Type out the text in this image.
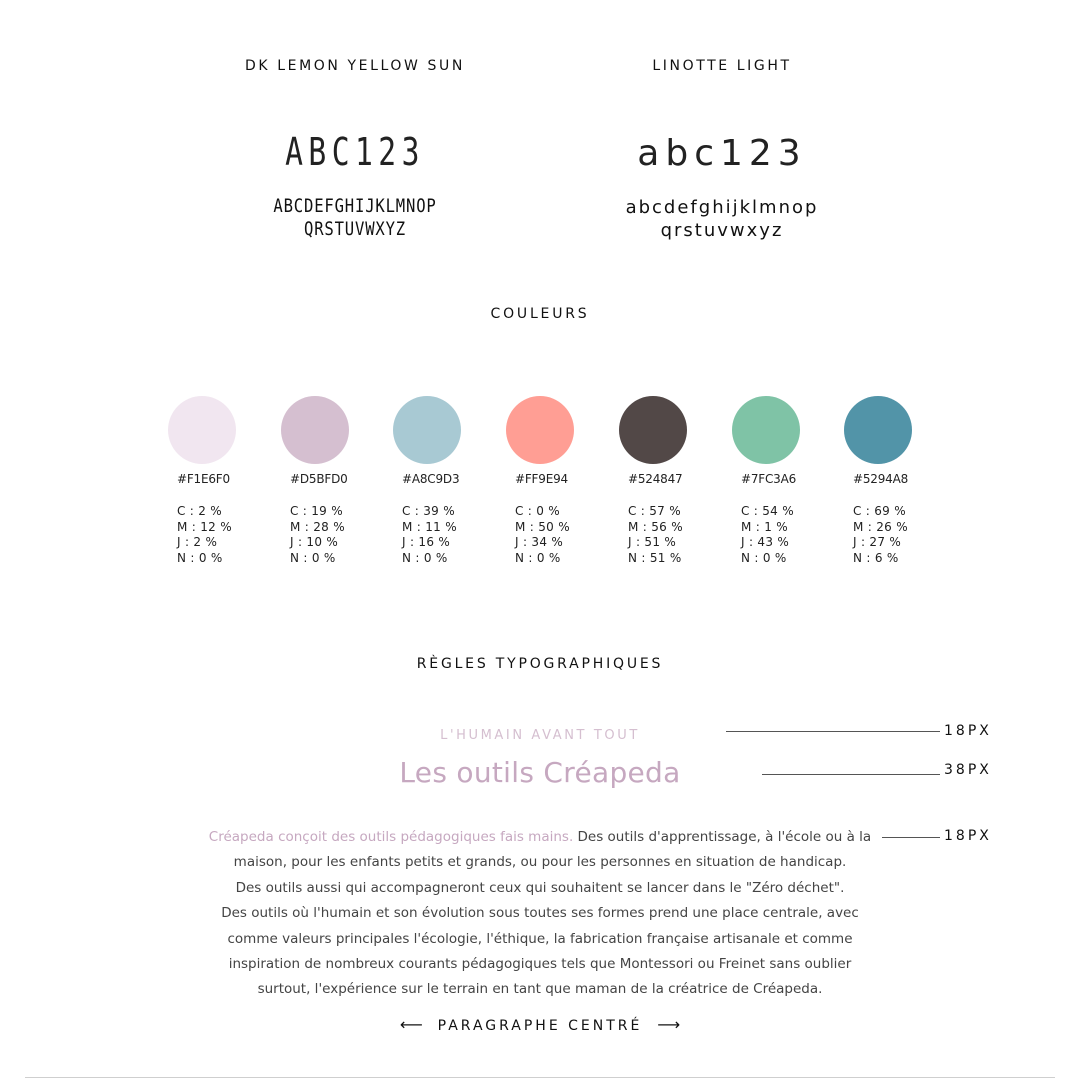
DK LEMON YELLOW SUN	LINOTTE LIGHT
ABC123	abc123
ABCDEFGHIJKLMNOP
QRSTUVWXYZ
abcdefghijklmnop
qrstuvwxyz
COULEURS
#F1E6F0
C : 2 %
M : 12 %
J : 2 %
N : 0 %
#D5BFD0
C : 19 %
M : 28 %
J : 10 %
N : 0 %
#A8C9D3
C : 39 %
M : 11 %
J : 16 %
N : 0 %
#FF9E94
C : 0 %
M : 50 %
J : 34 %
N : 0 %
#524847
C : 57 %
M : 56 %
J : 51 %
N : 51 %
#7FC3A6
C : 54 %
M : 1 %
J : 43 %
N : 0 %
#5294A8
C : 69 %
M : 26 %
J : 27 %
N : 6 %
RÈGLES TYPOGRAPHIQUES
L'HUMAIN AVANT TOUT	18PX
Les outils Créapeda	38PX
Créapeda conçoit des outils pédagogiques fais mains. Des outils d'apprentissage, à l'école ou à la
maison, pour les enfants petits et grands, ou pour les personnes en situation de handicap.
Des outils aussi qui accompagneront ceux qui souhaitent se lancer dans le "Zéro déchet".
Des outils où l'humain et son évolution sous toutes ses formes prend une place centrale, avec
comme valeurs principales l'écologie, l'éthique, la fabrication française artisanale et comme
inspiration de nombreux courants pédagogiques tels que Montessori ou Freinet sans oublier
surtout, l'expérience sur le terrain en tant que maman de la créatrice de Créapeda.
18PX
⟵ PARAGRAPHE CENTRÉ ⟶
